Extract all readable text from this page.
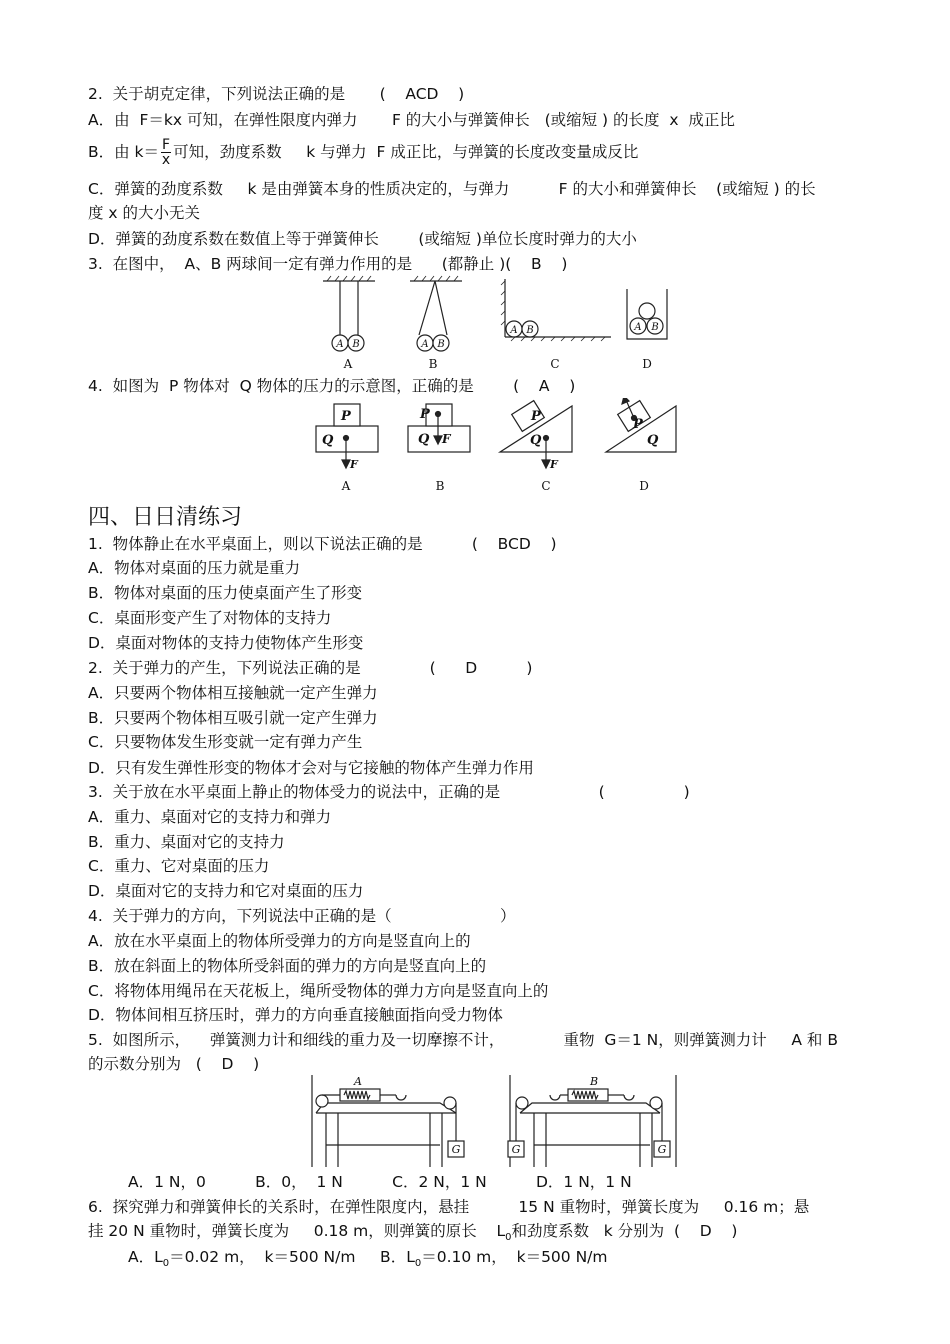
2.  关于胡克定律，下列说法正确的是       (    ACD    )
A．由  F＝kx 可知，在弹性限度内弹力       F 的大小与弹簧伸长   (或缩短 ) 的长度  x  成正比
B．由 $k= \frac{F}{x}$ 可知，劲度系数     k 与弹力  F 成正比，与弹簧的长度改变量成反比
C．弹簧的劲度系数     k 是由弹簧本身的性质决定的，与弹力          F 的大小和弹簧伸长    (或缩短 ) 的长
度 x 的大小无关
D．弹簧的劲度系数在数值上等于弹簧伸长        (或缩短 )单位长度时弹力的大小
3.  在图中，  A、B 两球间一定有弹力作用的是      (都静止 )(    B    )
A B	A B
A B	A B
A	B	C	D
4.  如图为  P 物体对  Q 物体的压力的示意图，正确的是        (    A    )
P
Q
F
P
Q F
P
Q
F
P
Q
A	B	C	D
四、日日清练习
1.  物体静止在水平桌面上，则以下说法正确的是          (    BCD    )
A．物体对桌面的压力就是重力
B．物体对桌面的压力使桌面产生了形变
C．桌面形变产生了对物体的支持力
D．桌面对物体的支持力使物体产生形变
2.  关于弹力的产生，下列说法正确的是              (      D          )
A．只要两个物体相互接触就一定产生弹力
B．只要两个物体相互吸引就一定产生弹力
C．只要物体发生形变就一定有弹力产生
D．只有发生弹性形变的物体才会对与它接触的物体产生弹力作用
3.  关于放在水平桌面上静止的物体受力的说法中，正确的是                    (                )
A．重力、桌面对它的支持力和弹力
B．重力、桌面对它的支持力
C．重力、它对桌面的压力
D．桌面对它的支持力和它对桌面的压力
4.  关于弹力的方向，下列说法中正确的是（                      ）
A．放在水平桌面上的物体所受弹力的方向是竖直向上的
B．放在斜面上的物体所受斜面的弹力的方向是竖直向上的
C．将物体用绳吊在天花板上，绳所受物体的弹力方向是竖直向上的
D．物体间相互挤压时，弹力的方向垂直接触面指向受力物体
5.  如图所示，    弹簧测力计和细线的重力及一切摩擦不计，            重物  G＝1 N，则弹簧测力计     A 和 B
的示数分别为   (    D    )
A	B
G	G	G
A．1 N，0          B．0，  1 N          C．2 N，1 N          D．1 N，1 N
6.  探究弹力和弹簧伸长的关系时，在弹性限度内，悬挂          15 N 重物时，弹簧长度为     0.16 m；悬
挂 20 N 重物时，弹簧长度为     0.18 m，则弹簧的原长    $L_0$和劲度系数   k 分别为  (    D    )
A．$L_0=0.02$ m，  k＝500 N/m     B．$L_0=0.10$ m，  k＝500 N/m
